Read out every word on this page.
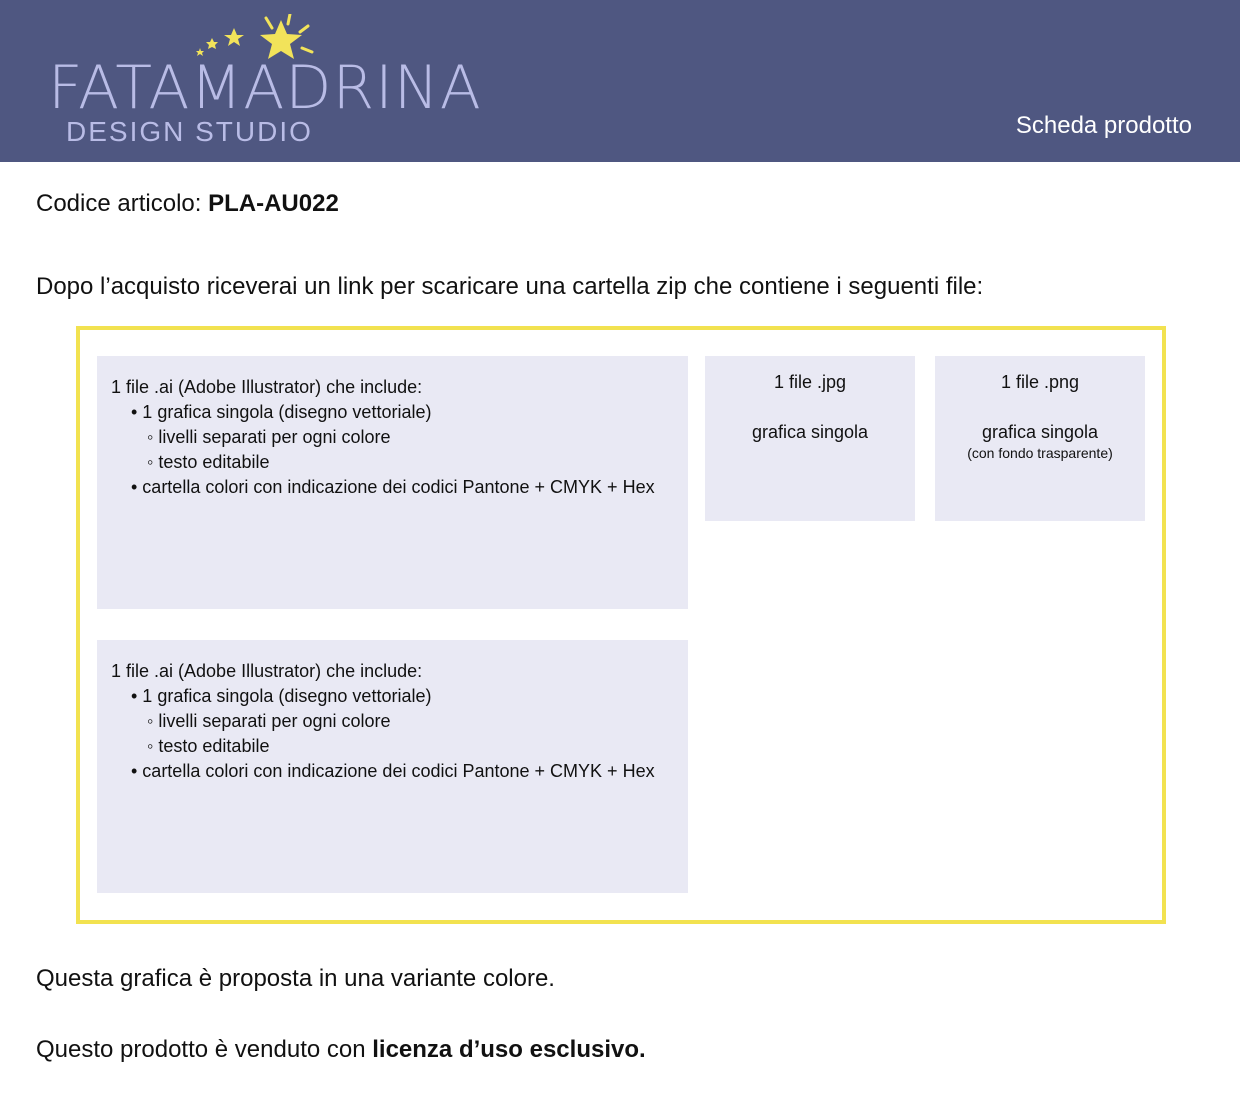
FATAMADRINA
DESIGN STUDIO	Scheda prodotto
Codice articolo: PLA-AU022
Dopo l’acquisto riceverai un link per scaricare una cartella zip che contiene i seguenti file:
1 file .ai (Adobe Illustrator) che include:
• 1 grafica singola (disegno vettoriale)
◦ livelli separati per ogni colore
◦ testo editabile
• cartella colori con indicazione dei codici Pantone + CMYK + Hex
1 file .jpg
grafica singola
1 file .png
grafica singola
(con fondo trasparente)
1 file .ai (Adobe Illustrator) che include:
• 1 grafica singola (disegno vettoriale)
◦ livelli separati per ogni colore
◦ testo editabile
• cartella colori con indicazione dei codici Pantone + CMYK + Hex
Questa grafica è proposta in una variante colore.
Questo prodotto è venduto con licenza d’uso esclusivo.
